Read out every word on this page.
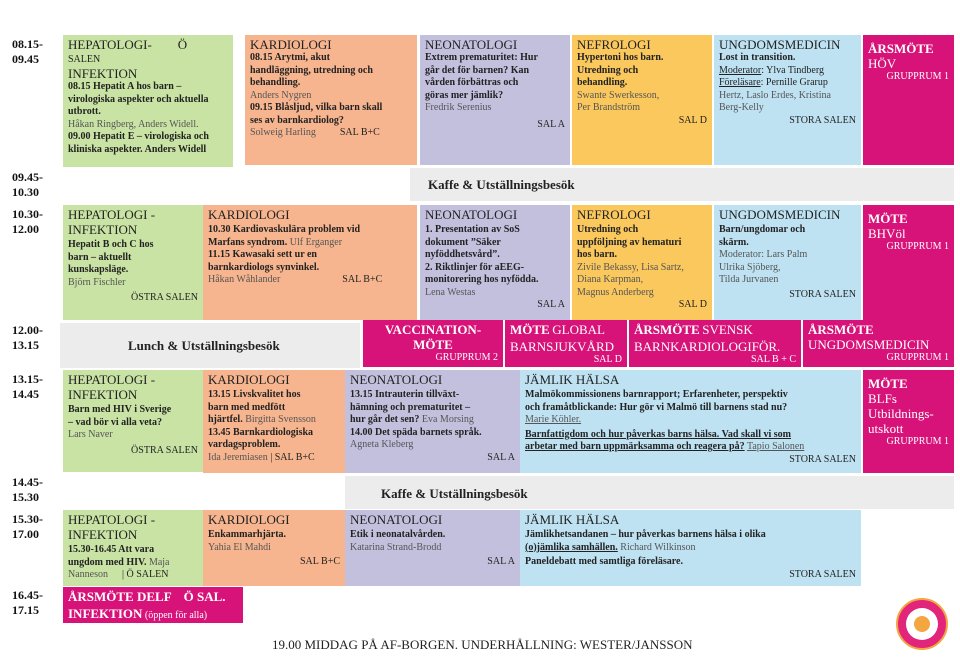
08.15-
09.45
09.45-
10.30
10.30-
12.00
12.00-
13.15
13.15-
14.45
14.45-
15.30
15.30-
17.00
16.45-
17.15
Kaffe & Utställningsbesök
Lunch & Utställningsbesök
Kaffe & Utställningsbesök
HEPATOLOGI- Ö
SALEN
INFEKTION
08.15 Hepatit A hos barn –
virologiska aspekter och aktuella
utbrott.
Håkan Ringberg, Anders Widell.
09.00 Hepatit E – virologiska och
kliniska aspekter. Anders Widell
HEPATOLOGI -
INFEKTION
Hepatit B och C hos
barn – aktuellt
kunskapsläge.
Björn Fischler
ÖSTRA SALEN
HEPATOLOGI -
INFEKTION
Barn med HIV i Sverige
– vad bör vi alla veta?
Lars Naver
ÖSTRA SALEN
HEPATOLOGI -
INFEKTION
15.30-16.45 Att vara
ungdom med HIV. Maja
Nanneson | Ö SALEN
ÅRSMÖTE DELF Ö SAL.
INFEKTION (öppen för alla)
KARDIOLOGI
08.15 Arytmi, akut
handläggning, utredning och
behandling.
Anders Nygren
09.15 Blåsljud, vilka barn skall
ses av barnkardiolog?
Solweig Harling SAL B+C
KARDIOLOGI
10.30 Kardiovaskulära problem vid
Marfans syndrom. Ulf Erganger
11.15 Kawasaki sett ur en
barnkardiologs synvinkel.
Håkan Wåhlander	SAL B+C
KARDIOLOGI
13.15 Livskvalitet hos
barn med medfött
hjärtfel. Birgitta Svensson
13.45 Barnkardiologiska
vardagsproblem.
Ida Jeremiasen | SAL B+C
KARDIOLOGI
Enkammarhjärta.
Yahia El Mahdi
SAL B+C
NEONATOLOGI
Extrem prematuritet: Hur
går det för barnen? Kan
vården förbättras och
göras mer jämlik?
Fredrik Serenius
SAL A
NEONATOLOGI
1. Presentation av SoS
dokument ”Säker
nyföddhetsvård”.
2. Riktlinjer för aEEG-
monitorering hos nyfödda.
Lena Westas
SAL A
NEONATOLOGI
13.15 Intrauterin tillväxt-
hämning och prematuritet –
hur går det sen? Eva Morsing
14.00 Det späda barnets språk.
Agneta Kleberg
SAL A
NEONATOLOGI
Etik i neonatalvården.
Katarina Strand-Brodd
SAL A
NEFROLOGI
Hypertoni hos barn.
Utredning och
behandling.
Swante Swerkesson,
Per Brandström
SAL D
NEFROLOGI
Utredning och
uppföljning av hematuri
hos barn.
Zivile Bekassy, Lisa Sartz,
Diana Karpman,
Magnus Anderberg
SAL D
UNGDOMSMEDICIN
Lost in transition.
Moderator: Ylva Tindberg
Föreläsare: Pernille Grarup
Hertz, Laslo Erdes, Kristina
Berg-Kelly
STORA SALEN
UNGDOMSMEDICIN
Barn/ungdomar och
skärm.
Moderator: Lars Palm
Ulrika Sjöberg,
Tilda Jurvanen
STORA SALEN
ÅRSMÖTE
HÖV
GRUPPRUM 1
MÖTE
BHVöl
GRUPPRUM 1
ÅRSMÖTE
UNGDOMSMEDICIN
GRUPPRUM 1
MÖTE
BLFs
Utbildnings-
utskott
GRUPPRUM 1
VACCINATION-
MÖTE
GRUPPRUM 2
MÖTE GLOBAL
BARNSJUKVÅRD
SAL D
ÅRSMÖTE SVENSK
BARNKARDIOLOGIFÖR.
SAL B + C
JÄMLIK HÄLSA
Malmökommissionens barnrapport; Erfarenheter, perspektiv
och framåtblickande: Hur gör vi Malmö till barnens stad nu?
Marie Köhler.
Barnfattigdom och hur påverkas barns hälsa. Vad skall vi som
arbetar med barn uppmärksamma och reagera på? Tapio Salonen
STORA SALEN
JÄMLIK HÄLSA
Jämlikhetsandanen – hur påverkas barnens hälsa i olika
(o)jämlika samhällen. Richard Wilkinson
Paneldebatt med samtliga föreläsare.
STORA SALEN
19.00 MIDDAG PÅ AF-BORGEN. UNDERHÅLLNING: WESTER/JANSSON
